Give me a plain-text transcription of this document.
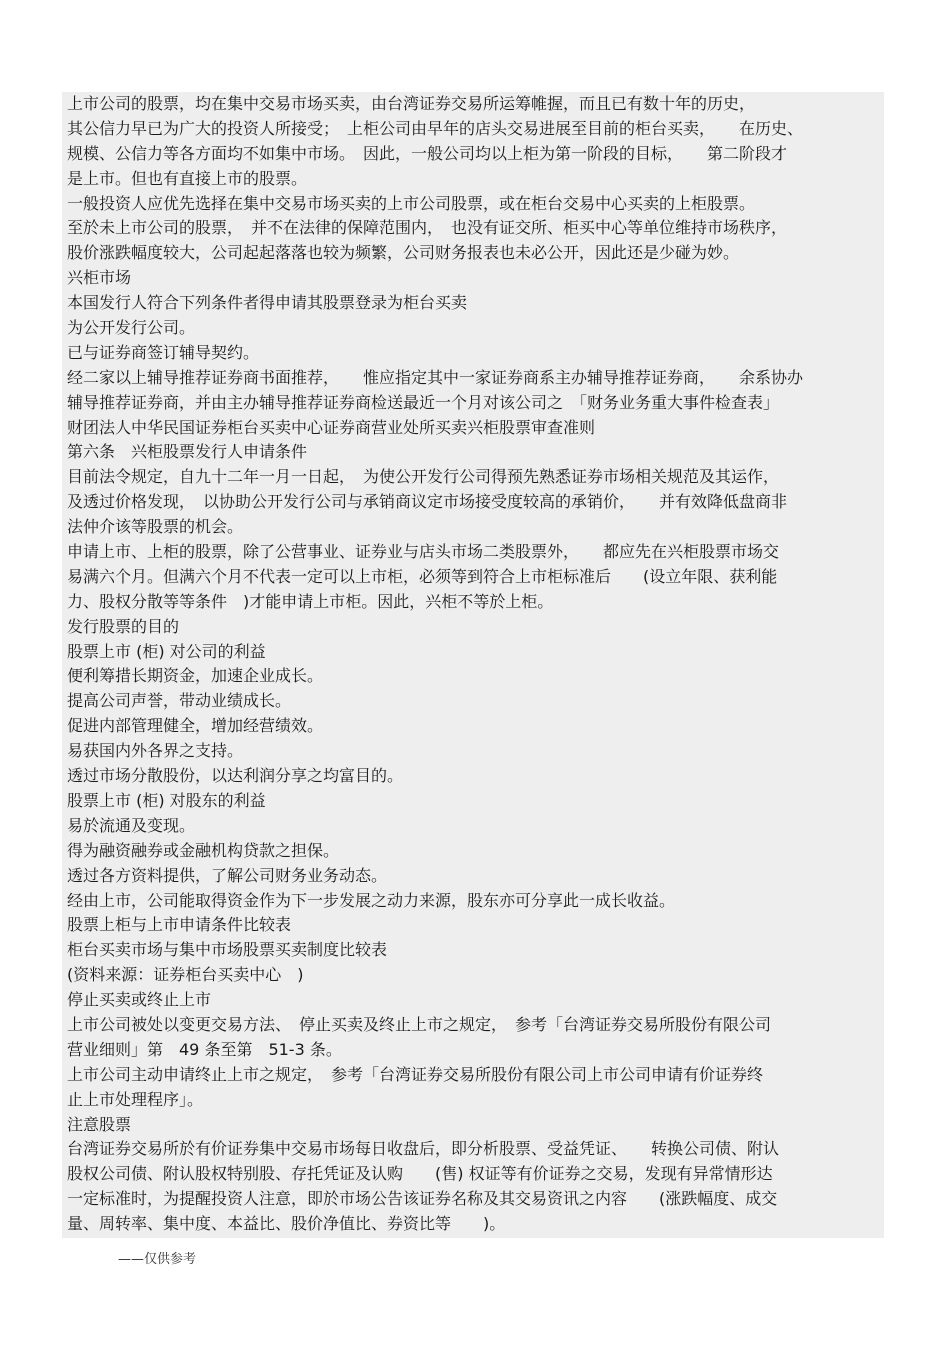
上市公司的股票，均在集中交易市场买卖，由台湾证券交易所运筹帷握，而且已有数十年的历史，
其公信力早已为广大的投资人所接受；　上柜公司由早年的店头交易进展至目前的柜台买卖，　　在历史、
规模、公信力等各方面均不如集中市场。　因此，一般公司均以上柜为第一阶段的目标，　　第二阶段才
是上市。但也有直接上市的股票。
一般投资人应优先选择在集中交易市场买卖的上市公司股票，或在柜台交易中心买卖的上柜股票。
至於未上市公司的股票，　并不在法律的保障范围内，　也没有证交所、柜买中心等单位维持市场秩序，
股价涨跌幅度较大，公司起起落落也较为频繁，公司财务报表也未必公开，因此还是少碰为妙。
兴柜市场
本国发行人符合下列条件者得申请其股票登录为柜台买卖
为公开发行公司。
已与证券商签订辅导契约。
经二家以上辅导推荐证券商书面推荐，　　惟应指定其中一家证券商系主办辅导推荐证券商，　　余系协办
辅导推荐证券商，并由主办辅导推荐证券商检送最近一个月对该公司之　「财务业务重大事件检查表」
财团法人中华民国证券柜台买卖中心证券商营业处所买卖兴柜股票审查准则
第六条　兴柜股票发行人申请条件
目前法令规定，自九十二年一月一日起，　为使公开发行公司得预先熟悉证券市场相关规范及其运作，
及透过价格发现，　以协助公开发行公司与承销商议定市场接受度较高的承销价，　　并有效降低盘商非
法仲介该等股票的机会。
申请上市、上柜的股票，除了公营事业、证券业与店头市场二类股票外，　　都应先在兴柜股票市场交
易满六个月。但满六个月不代表一定可以上市柜，必须等到符合上市柜标准后　　(设立年限、获利能
力、股权分散等等条件　)才能申请上市柜。因此，兴柜不等於上柜。
发行股票的目的
股票上市 (柜) 对公司的利益
便利筹措长期资金，加速企业成长。
提高公司声誉，带动业绩成长。
促进内部管理健全，增加经营绩效。
易获国内外各界之支持。
透过市场分散股份，以达利润分享之均富目的。
股票上市 (柜) 对股东的利益
易於流通及变现。
得为融资融券或金融机构贷款之担保。
透过各方资料提供，了解公司财务业务动态。
经由上市，公司能取得资金作为下一步发展之动力来源，股东亦可分享此一成长收益。
股票上柜与上市申请条件比较表
柜台买卖市场与集中市场股票买卖制度比较表
(资料来源：证券柜台买卖中心　)
停止买卖或终止上市
上市公司被处以变更交易方法、　停止买卖及终止上市之规定，　参考「台湾证券交易所股份有限公司
营业细则」第　49 条至第　51-3 条。
上市公司主动申请终止上市之规定，　参考「台湾证券交易所股份有限公司上市公司申请有价证券终
止上市处理程序」。
注意股票
台湾证券交易所於有价证券集中交易市场每日收盘后，即分析股票、受益凭证、　　转换公司债、附认
股权公司债、附认股权特别股、存托凭证及认购　　(售) 权证等有价证券之交易，发现有异常情形达
一定标准时，为提醒投资人注意，即於市场公告该证券名称及其交易资讯之内容　　(涨跌幅度、成交
量、周转率、集中度、本益比、股价净值比、券资比等　　)。
——仅供参考
